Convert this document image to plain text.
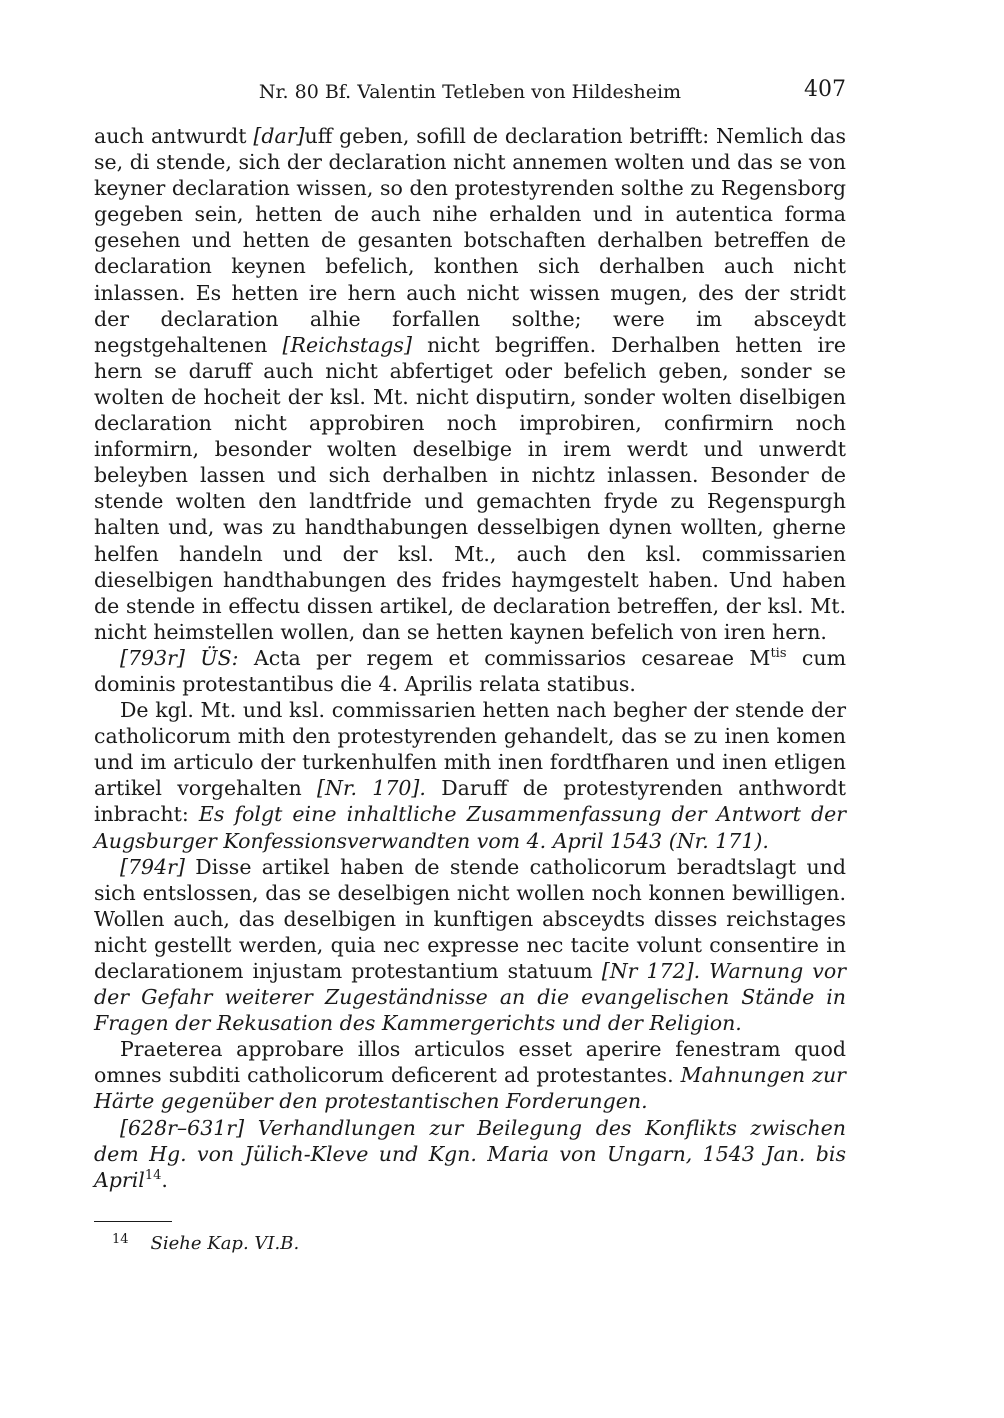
Nr. 80 Bf. Valentin Tetleben von Hildesheim	407

auch antwurdt [dar]uff geben, sofill de declaration betrifft: Nemlich das se, di stende, sich der declaration nicht annemen wolten und das se von keyner declaration wissen, so den protestyrenden solthe zu Regensborg gegeben sein, hetten de auch nihe erhalden und in autentica forma gesehen und hetten de gesanten botschaften derhalben betreffen de declaration keynen befelich, konthen sich derhalben auch nicht inlassen. Es hetten ire hern auch nicht wissen mugen, des der stridt der declaration alhie forfallen solthe; were im absceydt negstgehaltenen [Reichstags] nicht begriffen. Derhalben hetten ire hern se daruff auch nicht abfertiget oder befelich geben, sonder se wolten de hocheit der ksl. Mt. nicht disputirn, sonder wolten diselbigen declaration nicht approbiren noch improbiren, confirmirn noch informirn, besonder wolten deselbige in irem werdt und unwerdt beleyben lassen und sich derhalben in nichtz inlassen. Besonder de stende wolten den landtfride und gemachten fryde zu Regenspurgh halten und, was zu handthabungen desselbigen dynen wollten, gherne helfen handeln und der ksl. Mt., auch den ksl. commissarien dieselbigen handthabungen des frides haymgestelt haben. Und haben de stende in effectu dissen artikel, de declaration betreffen, der ksl. Mt. nicht heimstellen wollen, dan se hetten kaynen befelich von iren hern.

[793r] ÜS: Acta per regem et commissarios cesareae $M^{tis}$ cum dominis protestantibus die 4. Aprilis relata statibus.

De kgl. Mt. und ksl. commissarien hetten nach begher der stende der catholicorum mith den protestyrenden gehandelt, das se zu inen komen und im articulo der turkenhulfen mith inen fordtfharen und inen etligen artikel vorgehalten [Nr. 170]. Daruff de protestyrenden anthwordt inbracht: Es folgt eine inhaltliche Zusammenfassung der Antwort der Augsburger Konfessionsverwandten vom 4. April 1543 (Nr. 171).

[794r] Disse artikel haben de stende catholicorum beradtslagt und sich entslossen, das se deselbigen nicht wollen noch konnen bewilligen. Wollen auch, das deselbigen in kunftigen absceydts disses reichstages nicht gestellt werden, quia nec expresse nec tacite volunt consentire in declarationem injustam protestantium statuum [Nr 172]. Warnung vor der Gefahr weiterer Zugeständnisse an die evangelischen Stände in Fragen der Rekusation des Kammergerichts und der Religion.

Praeterea approbare illos articulos esset aperire fenestram quod omnes subditi catholicorum deficerent ad protestantes. Mahnungen zur Härte gegenüber den protestantischen Forderungen.

[628r–631r] Verhandlungen zur Beilegung des Konflikts zwischen dem Hg. von Jülich-Kleve und Kgn. Maria von Ungarn, 1543 Jan. bis April$^{14}$.

$^{14}$ Siehe Kap. VI.B.
